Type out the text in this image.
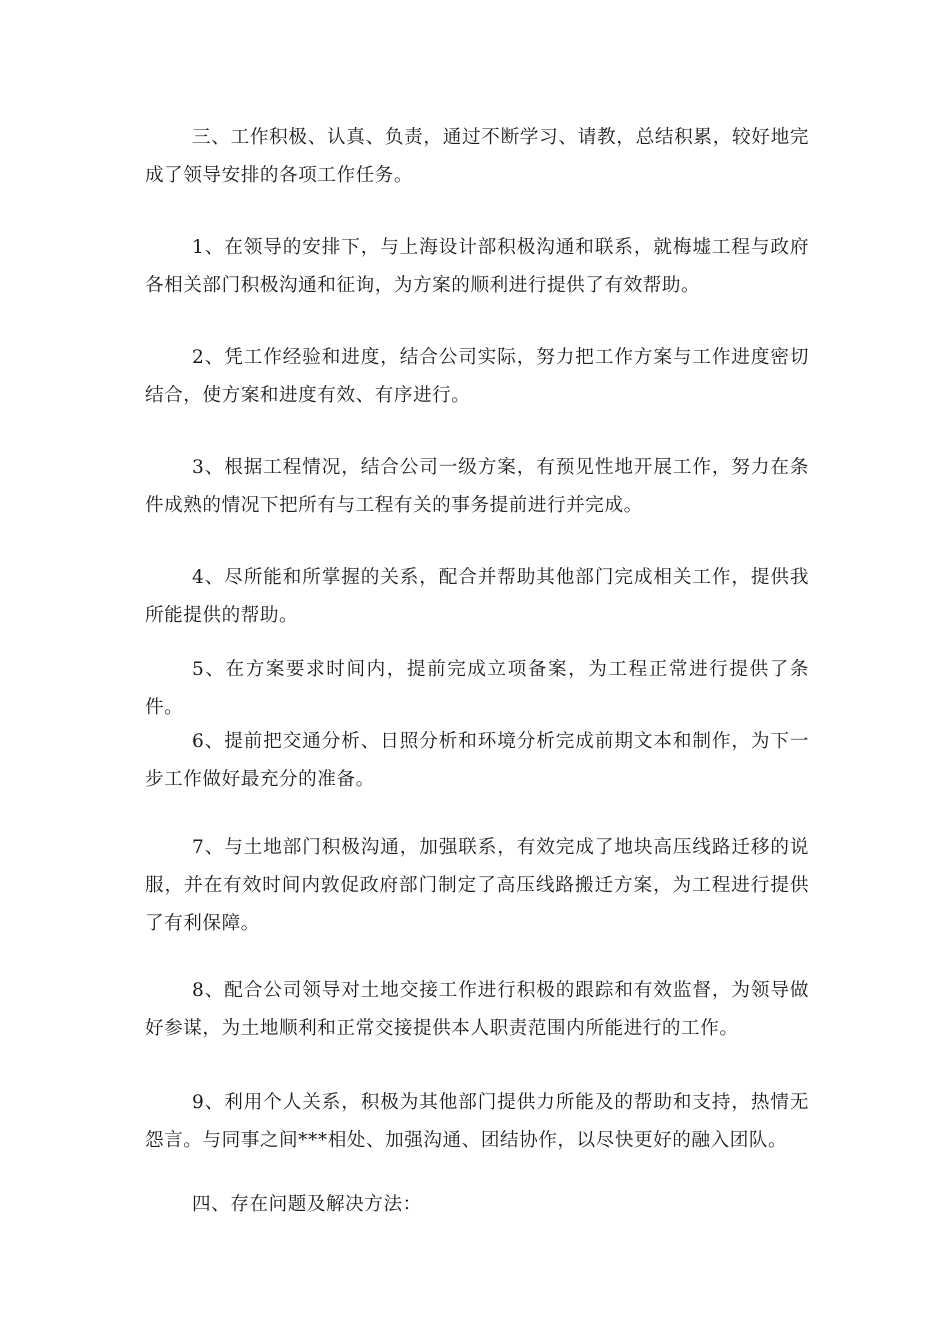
三、工作积极、认真、负责，通过不断学习、请教，总结积累，较好地完成了领导安排的各项工作任务。

1、在领导的安排下，与上海设计部积极沟通和联系，就梅墟工程与政府各相关部门积极沟通和征询，为方案的顺利进行提供了有效帮助。

2、凭工作经验和进度，结合公司实际，努力把工作方案与工作进度密切结合，使方案和进度有效、有序进行。

3、根据工程情况，结合公司一级方案，有预见性地开展工作，努力在条件成熟的情况下把所有与工程有关的事务提前进行并完成。

4、尽所能和所掌握的关系，配合并帮助其他部门完成相关工作，提供我所能提供的帮助。

5、在方案要求时间内，提前完成立项备案，为工程正常进行提供了条件。

6、提前把交通分析、日照分析和环境分析完成前期文本和制作，为下一步工作做好最充分的准备。

7、与土地部门积极沟通，加强联系，有效完成了地块高压线路迁移的说服，并在有效时间内敦促政府部门制定了高压线路搬迁方案，为工程进行提供了有利保障。

8、配合公司领导对土地交接工作进行积极的跟踪和有效监督，为领导做好参谋，为土地顺利和正常交接提供本人职责范围内所能进行的工作。

9、利用个人关系，积极为其他部门提供力所能及的帮助和支持，热情无怨言。与同事之间***相处、加强沟通、团结协作，以尽快更好的融入团队。

四、存在问题及解决方法：
